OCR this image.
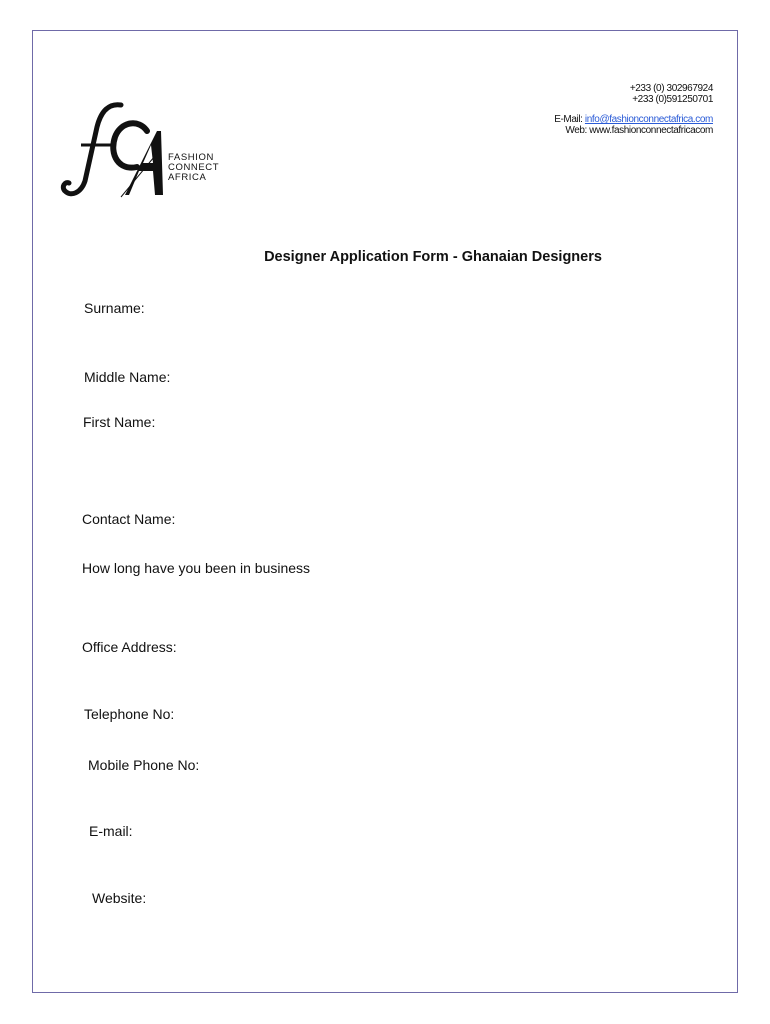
+233 (0) 302967924
+233 (0)591250701
E-Mail: info@fashionconnectafrica.com
Web: www.fashionconnectafricacom
FASHION
CONNECT
AFRICA
Designer Application Form - Ghanaian Designers
Surname:
Middle Name:
First Name:
Contact Name:
How long have you been in business
Office Address:
Telephone No:
Mobile Phone No:
E-mail:
Website:
